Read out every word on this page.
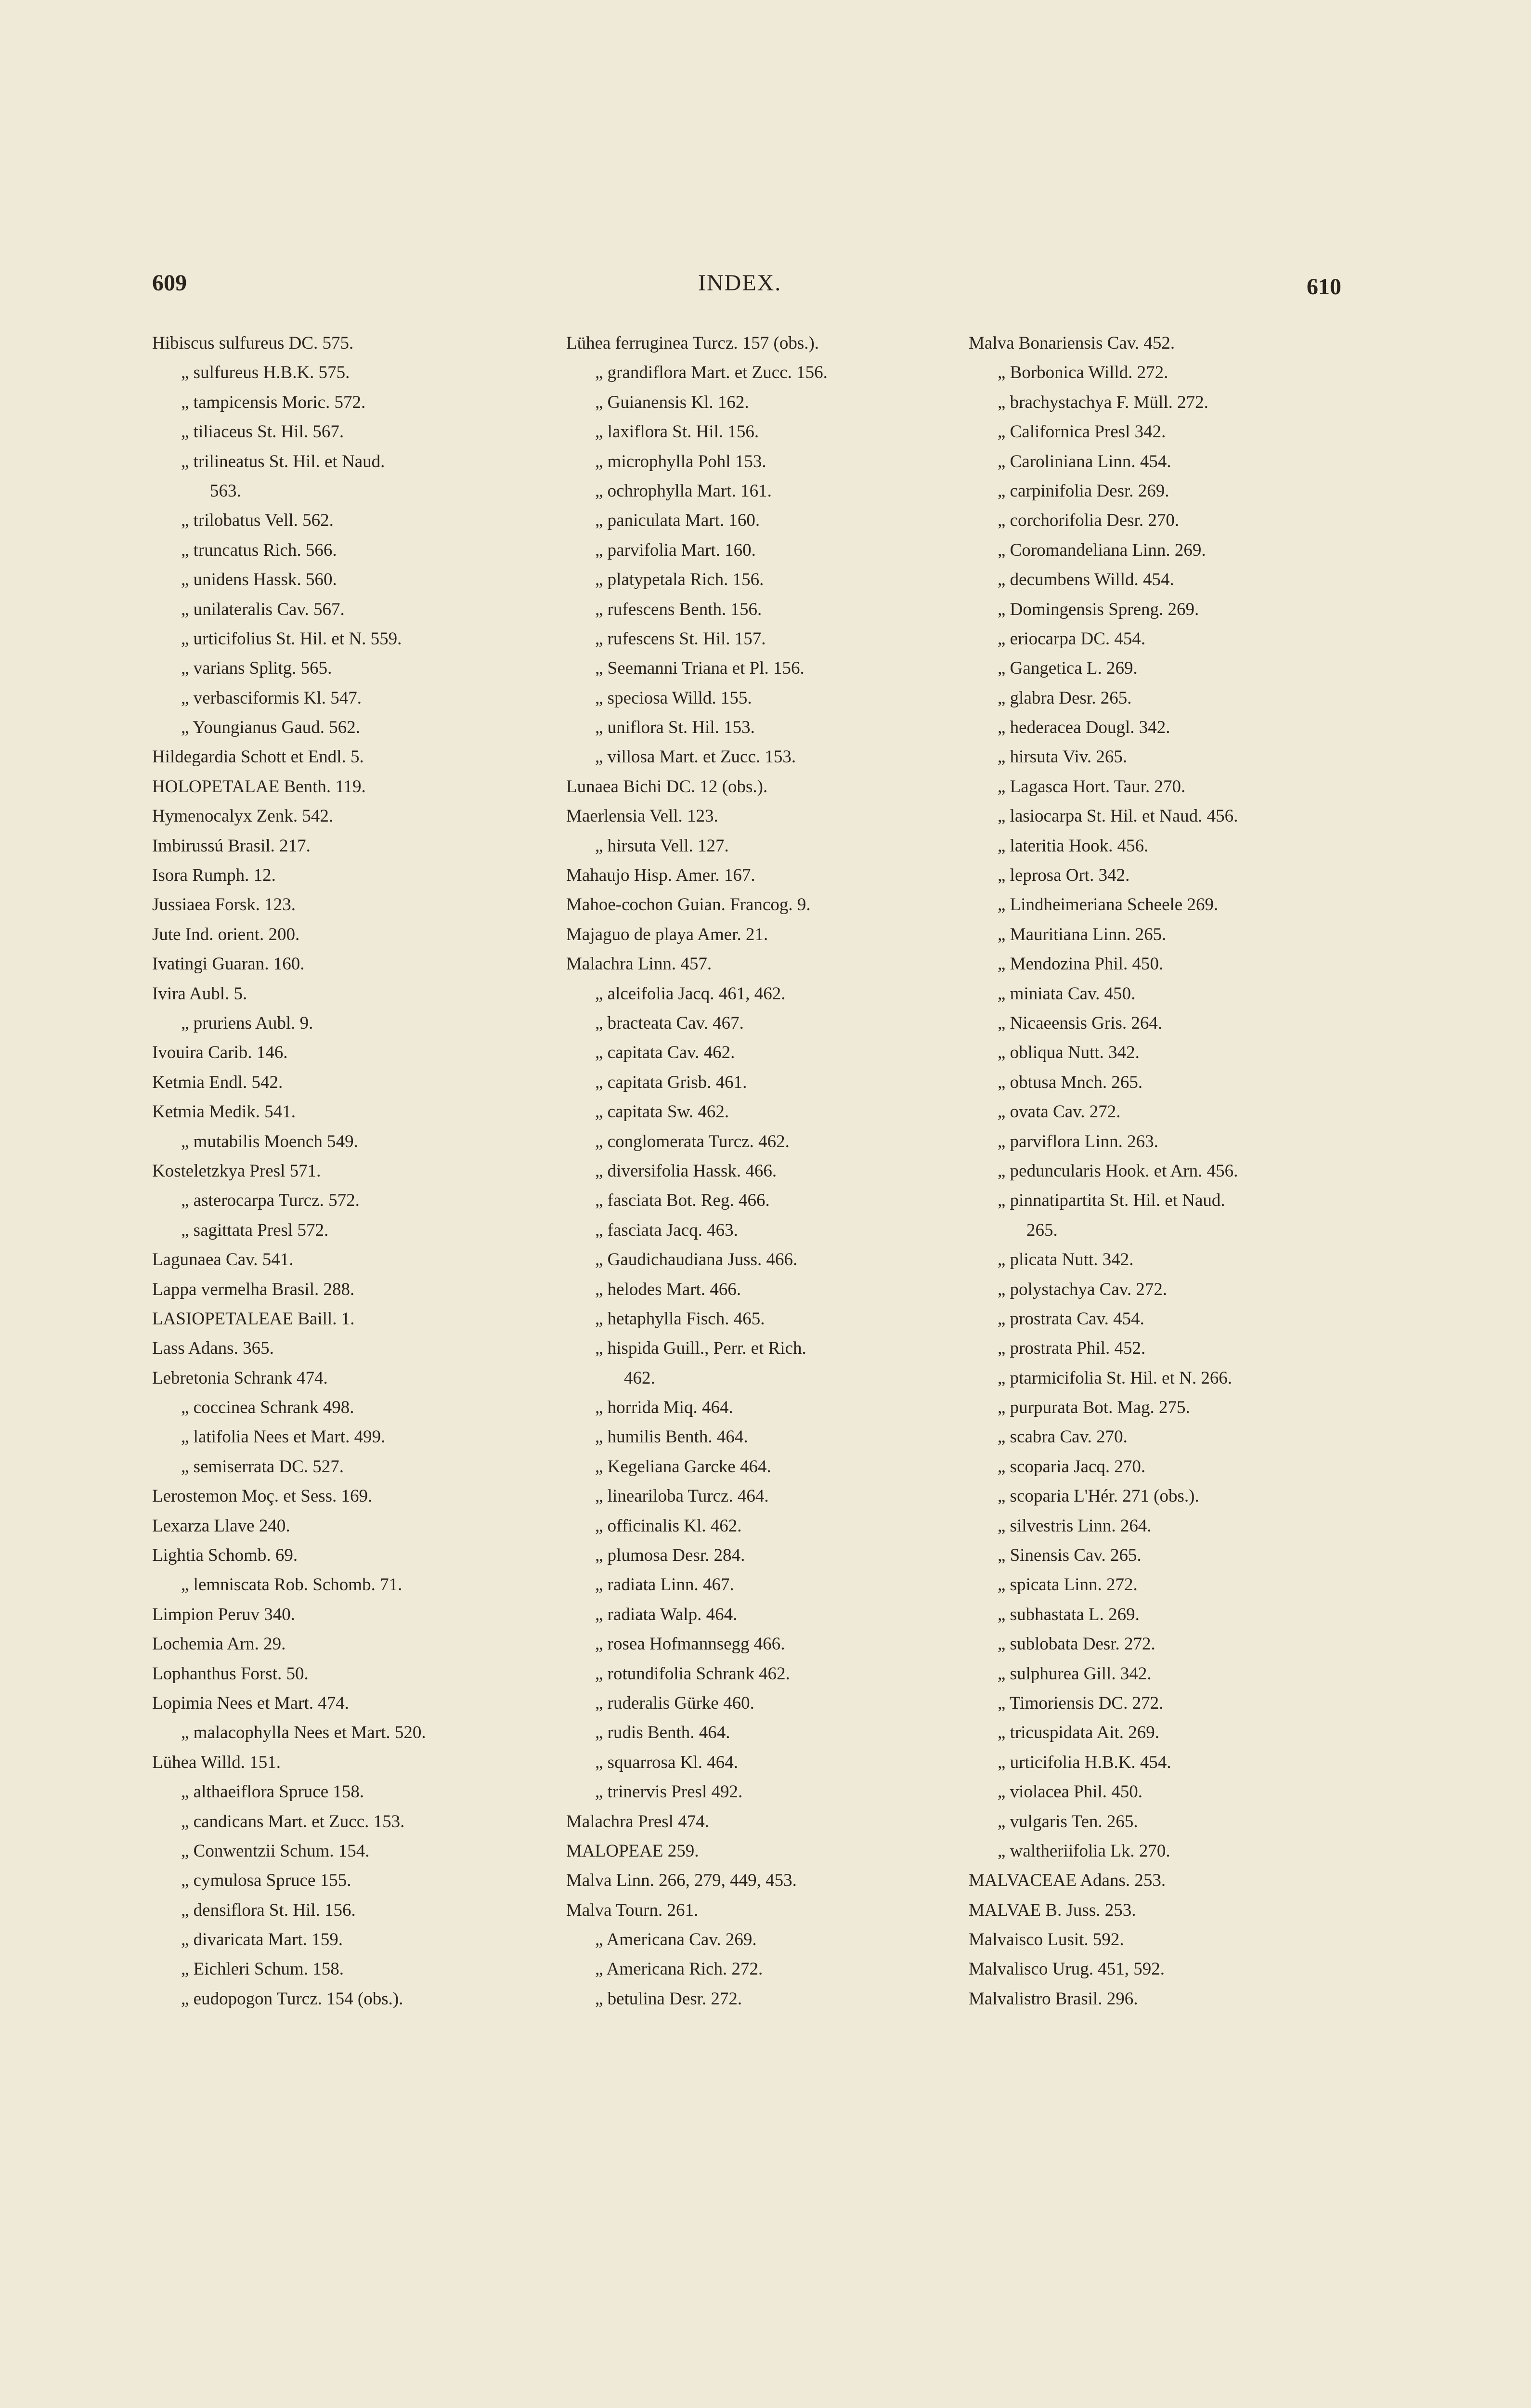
609	INDEX.	610
Hibiscus sulfureus DC. 575.
„ sulfureus H.B.K. 575.
„ tampicensis Moric. 572.
„ tiliaceus St. Hil. 567.
„ trilineatus St. Hil. et Naud.
563.
„ trilobatus Vell. 562.
„ truncatus Rich. 566.
„ unidens Hassk. 560.
„ unilateralis Cav. 567.
„ urticifolius St. Hil. et N. 559.
„ varians Splitg. 565.
„ verbasciformis Kl. 547.
„ Youngianus Gaud. 562.
Hildegardia Schott et Endl. 5.
HOLOPETALAE Benth. 119.
Hymenocalyx Zenk. 542.
Imbirussú Brasil. 217.
Isora Rumph. 12.
Jussiaea Forsk. 123.
Jute Ind. orient. 200.
Ivatingi Guaran. 160.
Ivira Aubl. 5.
„ pruriens Aubl. 9.
Ivouira Carib. 146.
Ketmia Endl. 542.
Ketmia Medik. 541.
„ mutabilis Moench 549.
Kosteletzkya Presl 571.
„ asterocarpa Turcz. 572.
„ sagittata Presl 572.
Lagunaea Cav. 541.
Lappa vermelha Brasil. 288.
LASIOPETALEAE Baill. 1.
Lass Adans. 365.
Lebretonia Schrank 474.
„ coccinea Schrank 498.
„ latifolia Nees et Mart. 499.
„ semiserrata DC. 527.
Lerostemon Moç. et Sess. 169.
Lexarza Llave 240.
Lightia Schomb. 69.
„ lemniscata Rob. Schomb. 71.
Limpion Peruv 340.
Lochemia Arn. 29.
Lophanthus Forst. 50.
Lopimia Nees et Mart. 474.
„ malacophylla Nees et Mart. 520.
Lühea Willd. 151.
„ althaeiflora Spruce 158.
„ candicans Mart. et Zucc. 153.
„ Conwentzii Schum. 154.
„ cymulosa Spruce 155.
„ densiflora St. Hil. 156.
„ divaricata Mart. 159.
„ Eichleri Schum. 158.
„ eudopogon Turcz. 154 (obs.).
Lühea ferruginea Turcz. 157 (obs.).
„ grandiflora Mart. et Zucc. 156.
„ Guianensis Kl. 162.
„ laxiflora St. Hil. 156.
„ microphylla Pohl 153.
„ ochrophylla Mart. 161.
„ paniculata Mart. 160.
„ parvifolia Mart. 160.
„ platypetala Rich. 156.
„ rufescens Benth. 156.
„ rufescens St. Hil. 157.
„ Seemanni Triana et Pl. 156.
„ speciosa Willd. 155.
„ uniflora St. Hil. 153.
„ villosa Mart. et Zucc. 153.
Lunaea Bichi DC. 12 (obs.).
Maerlensia Vell. 123.
„ hirsuta Vell. 127.
Mahaujo Hisp. Amer. 167.
Mahoe-cochon Guian. Francog. 9.
Majaguo de playa Amer. 21.
Malachra Linn. 457.
„ alceifolia Jacq. 461, 462.
„ bracteata Cav. 467.
„ capitata Cav. 462.
„ capitata Grisb. 461.
„ capitata Sw. 462.
„ conglomerata Turcz. 462.
„ diversifolia Hassk. 466.
„ fasciata Bot. Reg. 466.
„ fasciata Jacq. 463.
„ Gaudichaudiana Juss. 466.
„ helodes Mart. 466.
„ hetaphylla Fisch. 465.
„ hispida Guill., Perr. et Rich.
462.
„ horrida Miq. 464.
„ humilis Benth. 464.
„ Kegeliana Garcke 464.
„ lineariloba Turcz. 464.
„ officinalis Kl. 462.
„ plumosa Desr. 284.
„ radiata Linn. 467.
„ radiata Walp. 464.
„ rosea Hofmannsegg 466.
„ rotundifolia Schrank 462.
„ ruderalis Gürke 460.
„ rudis Benth. 464.
„ squarrosa Kl. 464.
„ trinervis Presl 492.
Malachra Presl 474.
MALOPEAE 259.
Malva Linn. 266, 279, 449, 453.
Malva Tourn. 261.
„ Americana Cav. 269.
„ Americana Rich. 272.
„ betulina Desr. 272.
Malva Bonariensis Cav. 452.
„ Borbonica Willd. 272.
„ brachystachya F. Müll. 272.
„ Californica Presl 342.
„ Caroliniana Linn. 454.
„ carpinifolia Desr. 269.
„ corchorifolia Desr. 270.
„ Coromandeliana Linn. 269.
„ decumbens Willd. 454.
„ Domingensis Spreng. 269.
„ eriocarpa DC. 454.
„ Gangetica L. 269.
„ glabra Desr. 265.
„ hederacea Dougl. 342.
„ hirsuta Viv. 265.
„ Lagasca Hort. Taur. 270.
„ lasiocarpa St. Hil. et Naud. 456.
„ lateritia Hook. 456.
„ leprosa Ort. 342.
„ Lindheimeriana Scheele 269.
„ Mauritiana Linn. 265.
„ Mendozina Phil. 450.
„ miniata Cav. 450.
„ Nicaeensis Gris. 264.
„ obliqua Nutt. 342.
„ obtusa Mnch. 265.
„ ovata Cav. 272.
„ parviflora Linn. 263.
„ peduncularis Hook. et Arn. 456.
„ pinnatipartita St. Hil. et Naud.
265.
„ plicata Nutt. 342.
„ polystachya Cav. 272.
„ prostrata Cav. 454.
„ prostrata Phil. 452.
„ ptarmicifolia St. Hil. et N. 266.
„ purpurata Bot. Mag. 275.
„ scabra Cav. 270.
„ scoparia Jacq. 270.
„ scoparia L'Hér. 271 (obs.).
„ silvestris Linn. 264.
„ Sinensis Cav. 265.
„ spicata Linn. 272.
„ subhastata L. 269.
„ sublobata Desr. 272.
„ sulphurea Gill. 342.
„ Timoriensis DC. 272.
„ tricuspidata Ait. 269.
„ urticifolia H.B.K. 454.
„ violacea Phil. 450.
„ vulgaris Ten. 265.
„ waltheriifolia Lk. 270.
MALVACEAE Adans. 253.
MALVAE B. Juss. 253.
Malvaisco Lusit. 592.
Malvalisco Urug. 451, 592.
Malvalistro Brasil. 296.
